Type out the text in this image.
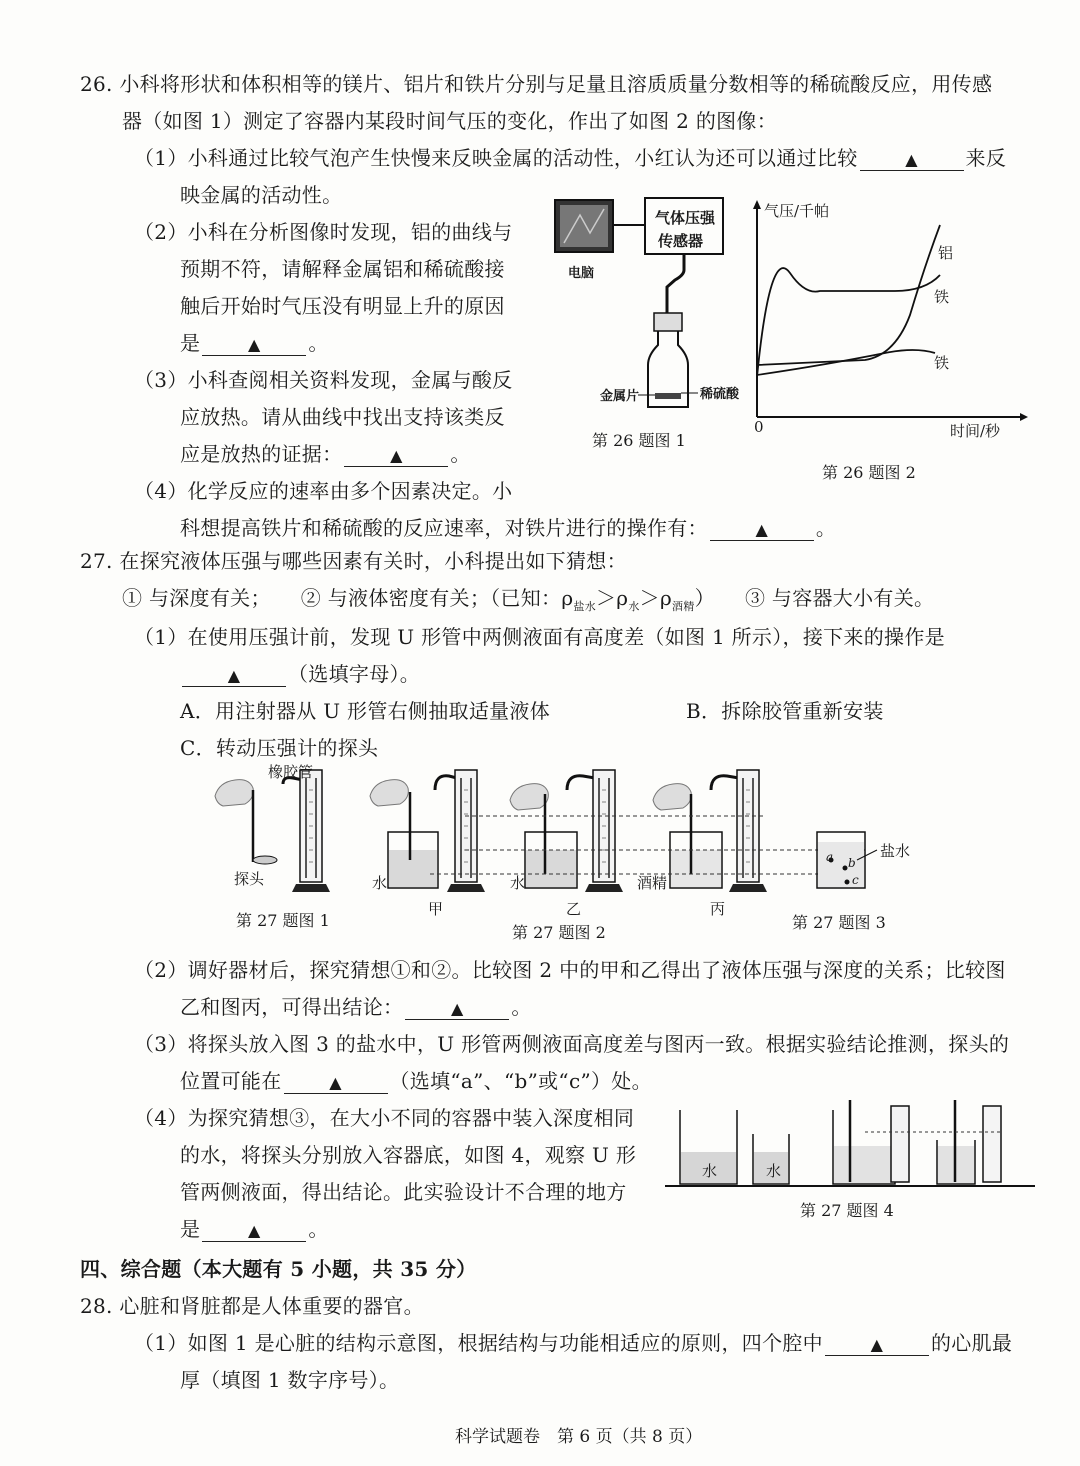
26. 小科将形状和体积相等的镁片、铝片和铁片分别与足量且溶质质量分数相等的稀硫酸反应，用传感
器（如图 1）测定了容器内某段时间气压的变化，作出了如图 2 的图像：
（1）小科通过比较气泡产生快慢来反映金属的活动性，小红认为还可以通过比较	▲ 来反
映金属的活动性。
（2）小科在分析图像时发现，铝的曲线与
预期不符，请解释金属铝和稀硫酸接
触后开始时气压没有明显上升的原因
是	▲ 。
（3）小科查阅相关资料发现，金属与酸反
应放热。请从曲线中找出支持该类反
应是放热的证据：	▲ 。
（4）化学反应的速率由多个因素决定。小
科想提高铁片和稀硫酸的反应速率，对铁片进行的操作有：	▲ 。
电脑
气体压强
传感器
金属片	稀硫酸
第 26 题图 1
气压/千帕
时间/秒
0
铝
铁
铁
第 26 题图 2
27. 在探究液体压强与哪些因素有关时，小科提出如下猜想：
① 与深度有关； ② 与液体密度有关；（已知：$\rho_{盐水}>\rho_水>\rho_{酒精}$） ③ 与容器大小有关。
（1）在使用压强计前，发现 U 形管中两侧液面有高度差（如图 1 所示），接下来的操作是
▲ （选填字母）。
A．用注射器从 U 形管右侧抽取适量液体	B．拆除胶管重新安装
C．转动压强计的探头
橡胶管
探头	水	水	酒精
盐水
a b
c
甲	乙	丙
第 27 题图 1
第 27 题图 2
第 27 题图 3
（2）调好器材后，探究猜想①和②。比较图 2 中的甲和乙得出了液体压强与深度的关系；比较图
乙和图丙，可得出结论：	▲ 。
（3）将探头放入图 3 的盐水中，U 形管两侧液面高度差与图丙一致。根据实验结论推测，探头的
位置可能在	▲ （选填“a”、“b”或“c”）处。
（4）为探究猜想③，在大小不同的容器中装入深度相同
的水，将探头分别放入容器底，如图 4，观察 U 形
管两侧液面，得出结论。此实验设计不合理的地方
是	▲ 。
水	水
第 27 题图 4
四、综合题（本大题有 5 小题，共 35 分）
28. 心脏和肾脏都是人体重要的器官。
（1）如图 1 是心脏的结构示意图，根据结构与功能相适应的原则，四个腔中	▲ 的心肌最
厚（填图 1 数字序号）。
科学试题卷　第 6 页（共 8 页）
